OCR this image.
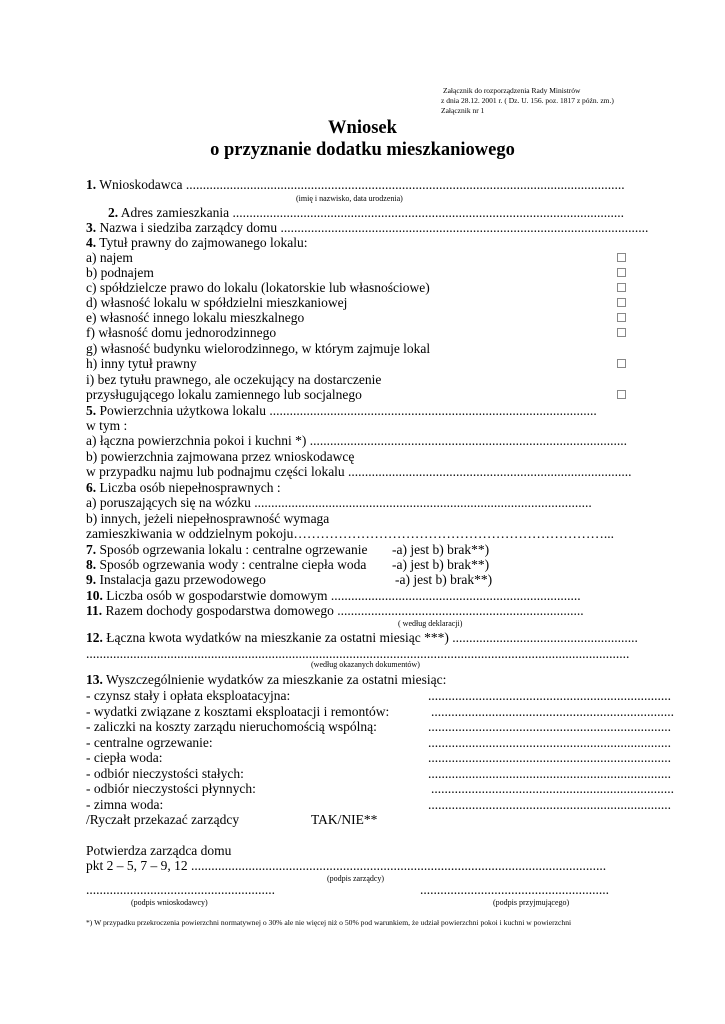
Załącznik do rozporządzenia Rady Ministrów
z dnia 28.12. 2001 r. ( Dz. U. 156. poz. 1817 z późn. zm.)
Załącznik nr 1
Wniosek
o przyznanie dodatku mieszkaniowego
1. Wnioskodawca ..................................................................................................................................
(imię i nazwisko, data urodzenia)
2. Adres zamieszkania ....................................................................................................................
3. Nazwa i siedziba zarządcy domu .............................................................................................................
4. Tytuł prawny do zajmowanego lokalu:
a) najem
b) podnajem
c) spółdzielcze prawo do lokalu (lokatorskie lub własnościowe)
d) własność lokalu w spółdzielni mieszkaniowej
e) własność innego lokalu mieszkalnego
f) własność domu jednorodzinnego
g) własność budynku wielorodzinnego, w którym zajmuje lokal
h) inny tytuł prawny
i) bez tytułu prawnego, ale oczekujący na dostarczenie
przysługującego lokalu zamiennego lub socjalnego
5. Powierzchnia użytkowa lokalu .................................................................................................
w tym :
a) łączna powierzchnia pokoi i kuchni *) ..............................................................................................
b) powierzchnia zajmowana przez wnioskodawcę
w przypadku najmu lub podnajmu części lokalu ....................................................................................
6. Liczba osób niepełnosprawnych :
a) poruszających się na wózku ....................................................................................................
b) innych, jeżeli niepełnosprawność wymaga
zamieszkiwania w oddzielnym pokoju……………………………………………………………...
7. Sposób ogrzewania lokalu : centralne ogrzewanie -a) jest b) brak**)
8. Sposób ogrzewania wody : centralne ciepła woda -a) jest b) brak**)
9. Instalacja gazu przewodowego	-a) jest b) brak**)
10. Liczba osób w gospodarstwie domowym ..........................................................................
11. Razem dochody gospodarstwa domowego .........................................................................
( według deklaracji)
12. Łączna kwota wydatków na mieszkanie za ostatni miesiąc ***) .......................................................
.................................................................................................................................................................
(według okazanych dokumentów)
13. Wyszczególnienie wydatków za mieszkanie za ostatni miesiąc:
- czynsz stały i opłata eksploatacyjna:	........................................................................
- wydatki związane z kosztami eksploatacji i remontów:	........................................................................
- zaliczki na koszty zarządu nieruchomością wspólną:	........................................................................
- centralne ogrzewanie:	........................................................................
- ciepła woda:	........................................................................
- odbiór nieczystości stałych:	........................................................................
- odbiór nieczystości płynnych:	........................................................................
- zimna woda:	........................................................................
/Ryczałt przekazać zarządcy	TAK/NIE**
Potwierdza zarządca domu
pkt 2 – 5, 7 – 9, 12 ...........................................................................................................................
(podpis zarządcy)
........................................................
(podpis wnioskodawcy)
........................................................
(podpis przyjmującego)
*) W przypadku przekroczenia powierzchni normatywnej o 30% ale nie więcej niż o 50% pod warunkiem, że udział powierzchni pokoi i kuchni w powierzchni
